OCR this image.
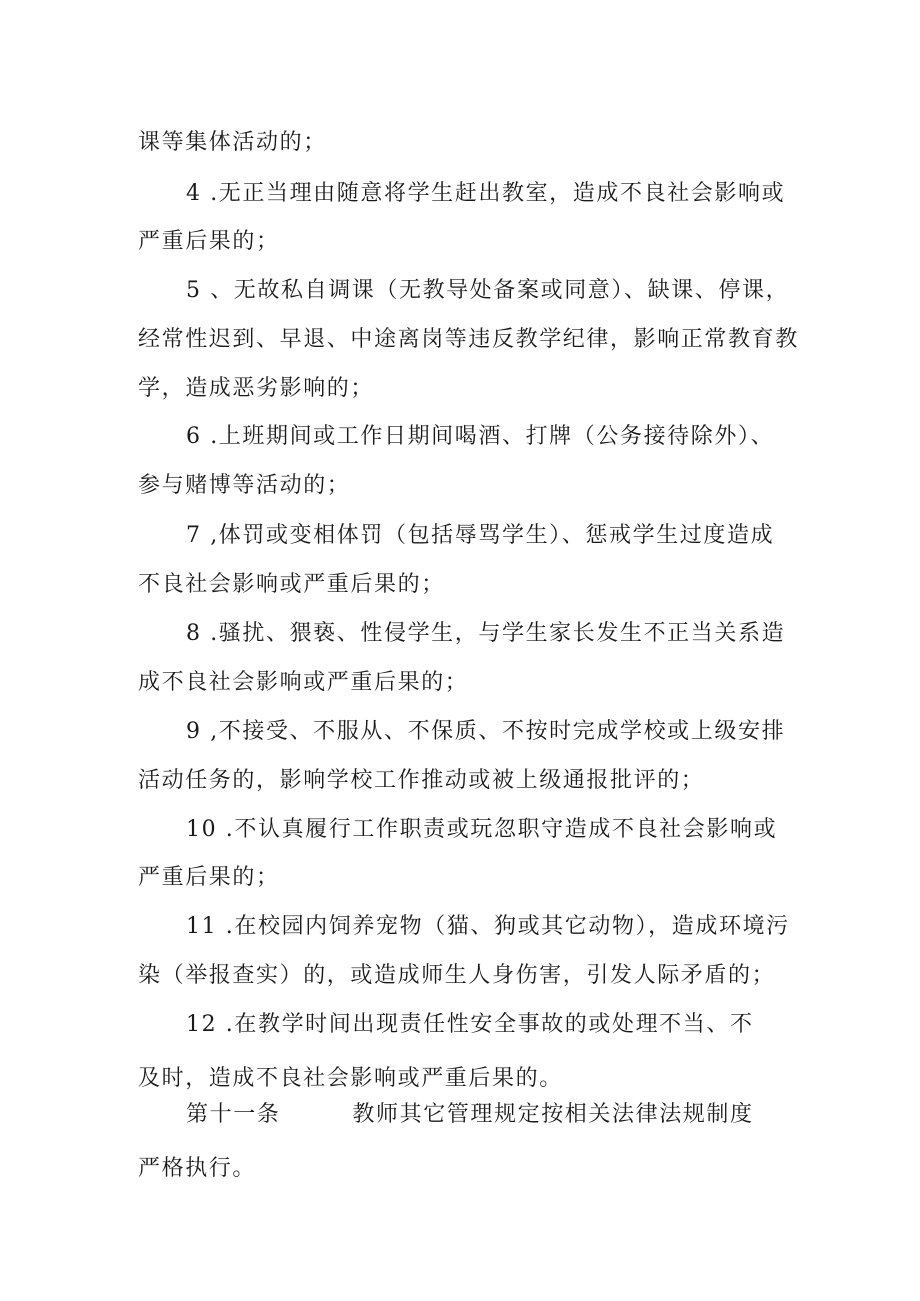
课等集体活动的；
4 .无正当理由随意将学生赶出教室，造成不良社会影响或
严重后果的；
5 、无故私自调课（无教导处备案或同意）、缺课、停课，
经常性迟到、早退、中途离岗等违反教学纪律，影响正常教育教
学，造成恶劣影响的；
6 .上班期间或工作日期间喝酒、打牌（公务接待除外）、
参与赌博等活动的；
7 ,体罚或变相体罚（包括辱骂学生）、惩戒学生过度造成
不良社会影响或严重后果的；
8 .骚扰、猥亵、性侵学生，与学生家长发生不正当关系造
成不良社会影响或严重后果的；
9 ,不接受、不服从、不保质、不按时完成学校或上级安排
活动任务的，影响学校工作推动或被上级通报批评的；
10 .不认真履行工作职责或玩忽职守造成不良社会影响或
严重后果的；
11 .在校园内饲养宠物（猫、狗或其它动物），造成环境污
染（举报查实）的，或造成师生人身伤害，引发人际矛盾的；
12 .在教学时间出现责任性安全事故的或处理不当、不
及时，造成不良社会影响或严重后果的。
第十一条	教师其它管理规定按相关法律法规制度
严格执行。
